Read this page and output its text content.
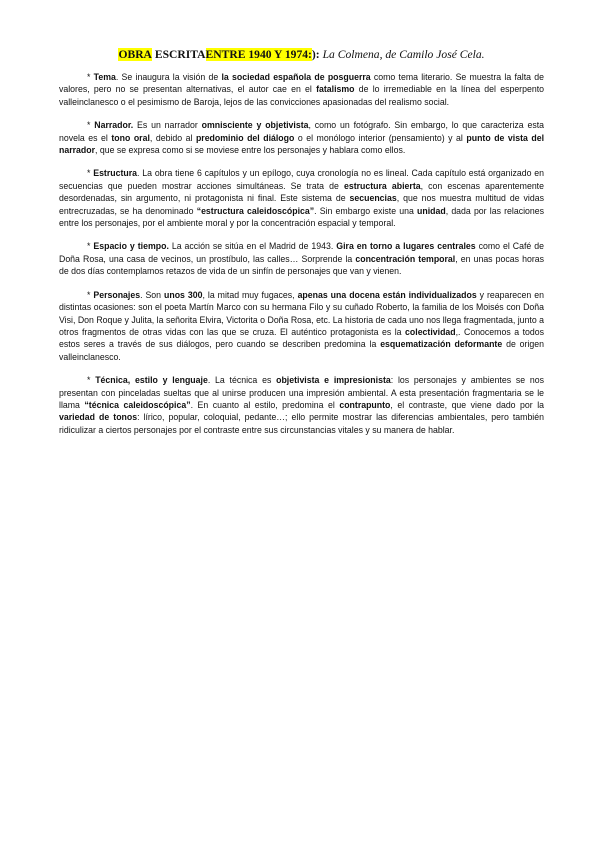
OBRA ESCRITAENTRE 1940 Y 1974:): La Colmena, de Camilo José Cela.

* Tema. Se inaugura la visión de la sociedad española de posguerra como tema literario. Se muestra la falta de valores, pero no se presentan alternativas, el autor cae en el fatalismo de lo irremediable en la línea del esperpento valleinclanesco o el pesimismo de Baroja, lejos de las convicciones apasionadas del realismo social.

* Narrador. Es un narrador omnisciente y objetivista, como un fotógrafo. Sin embargo, lo que caracteriza esta novela es el tono oral, debido al predominio del diálogo o el monólogo interior (pensamiento) y al punto de vista del narrador, que se expresa como si se moviese entre los personajes y hablara como ellos.

* Estructura. La obra tiene 6 capítulos y un epílogo, cuya cronología no es lineal. Cada capítulo está organizado en secuencias que pueden mostrar acciones simultáneas. Se trata de estructura abierta, con escenas aparentemente desordenadas, sin argumento, ni protagonista ni final. Este sistema de secuencias, que nos muestra multitud de vidas entrecruzadas, se ha denominado “estructura caleidoscópica”. Sin embargo existe una unidad, dada por las relaciones entre los personajes, por el ambiente moral y por la concentración espacial y temporal.

* Espacio y tiempo. La acción se sitúa en el Madrid de 1943. Gira en torno a lugares centrales como el Café de Doña Rosa, una casa de vecinos, un prostíbulo, las calles… Sorprende la concentración temporal, en unas pocas horas de dos días contemplamos retazos de vida de un sinfín de personajes que van y vienen.

* Personajes. Son unos 300, la mitad muy fugaces, apenas una docena están individualizados y reaparecen en distintas ocasiones: son el poeta Martín Marco con su hermana Filo y su cuñado Roberto, la familia de los Moisés con Doña Visi, Don Roque y Julita, la señorita Elvira, Victorita o Doña Rosa, etc. La historia de cada uno nos llega fragmentada, junto a otros fragmentos de otras vidas con las que se cruza. El auténtico protagonista es la colectividad,. Conocemos a todos estos seres a través de sus diálogos, pero cuando se describen predomina la esquematización deformante de origen valleinclanesco.

* Técnica, estilo y lenguaje. La técnica es objetivista e impresionista: los personajes y ambientes se nos presentan con pinceladas sueltas que al unirse producen una impresión ambiental. A esta presentación fragmentaria se le llama “técnica caleidoscópica”. En cuanto al estilo, predomina el contrapunto, el contraste, que viene dado por la variedad de tonos: lírico, popular, coloquial, pedante…; ello permite mostrar las diferencias ambientales, pero también ridiculizar a ciertos personajes por el contraste entre sus circunstancias vitales y su manera de hablar.
